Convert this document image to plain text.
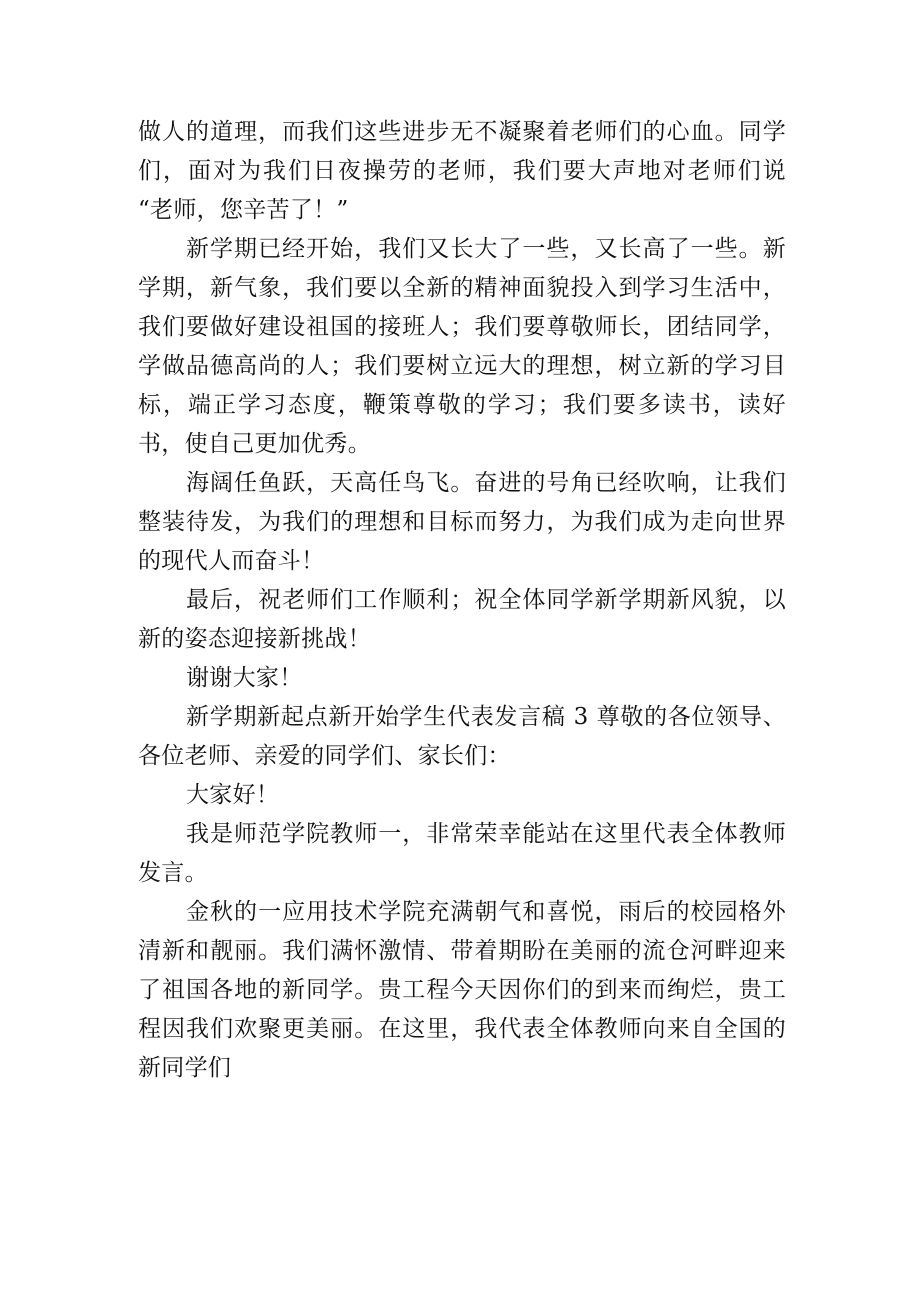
做人的道理，而我们这些进步无不凝聚着老师们的心血。同学们，面对为我们日夜操劳的老师，我们要大声地对老师们说 “老师，您辛苦了！”

新学期已经开始，我们又长大了一些，又长高了一些。新学期，新气象，我们要以全新的精神面貌投入到学习生活中，我们要做好建设祖国的接班人；我们要尊敬师长，团结同学，学做品德高尚的人；我们要树立远大的理想，树立新的学习目标，端正学习态度，鞭策尊敬的学习；我们要多读书，读好书，使自己更加优秀。

海阔任鱼跃，天高任鸟飞。奋进的号角已经吹响，让我们整装待发，为我们的理想和目标而努力，为我们成为走向世界的现代人而奋斗！

最后，祝老师们工作顺利；祝全体同学新学期新风貌，以新的姿态迎接新挑战！

谢谢大家！

新学期新起点新开始学生代表发言稿 3 尊敬的各位领导、各位老师、亲爱的同学们、家长们：

大家好！

我是师范学院教师一，非常荣幸能站在这里代表全体教师发言。

金秋的一应用技术学院充满朝气和喜悦，雨后的校园格外清新和靓丽。我们满怀激情、带着期盼在美丽的流仓河畔迎来了祖国各地的新同学。贵工程今天因你们的到来而绚烂，贵工程因我们欢聚更美丽。在这里，我代表全体教师向来自全国的新同学们
